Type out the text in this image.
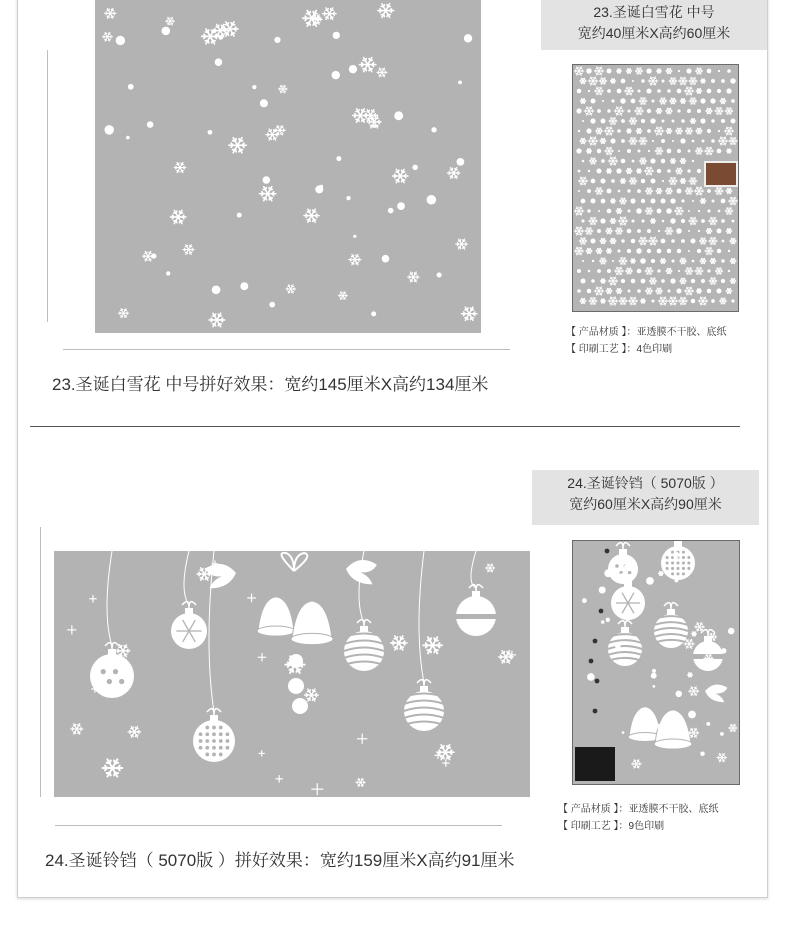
23.圣诞白雪花 中号
宽约40厘米X高约60厘米
【 产品材质 】：亚透膜不干胶、底纸
【 印刷工艺 】：4色印刷
23.圣诞白雪花 中号拼好效果：宽约145厘米X高约134厘米
24.圣诞铃铛（ 5070版 ）
宽约60厘米X高约90厘米
【 产品材质 】：亚透膜不干胶、底纸
【 印刷工艺 】：9色印刷
24.圣诞铃铛（ 5070版 ）拼好效果：宽约159厘米X高约91厘米
